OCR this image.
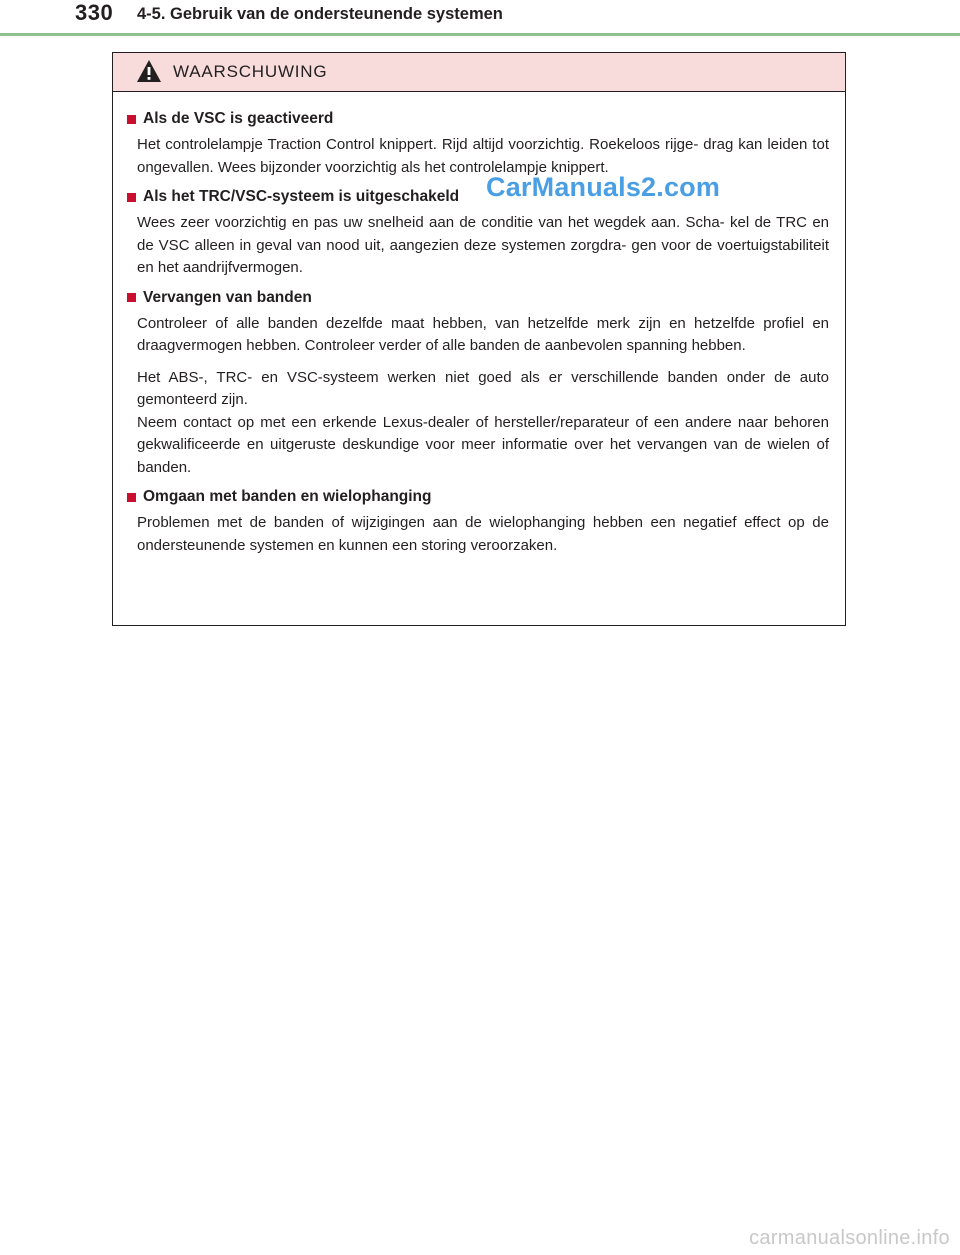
330 4-5. Gebruik van de ondersteunende systemen
WAARSCHUWING
Als de VSC is geactiveerd

Het controlelampje Traction Control knippert. Rijd altijd voorzichtig. Roekeloos rijge- drag kan leiden tot ongevallen. Wees bijzonder voorzichtig als het controlelampje knippert.

Als het TRC/VSC-systeem is uitgeschakeld

Wees zeer voorzichtig en pas uw snelheid aan de conditie van het wegdek aan. Scha- kel de TRC en de VSC alleen in geval van nood uit, aangezien deze systemen zorgdra- gen voor de voertuigstabiliteit en het aandrijfvermogen.

Vervangen van banden

Controleer of alle banden dezelfde maat hebben, van hetzelfde merk zijn en hetzelfde profiel en draagvermogen hebben. Controleer verder of alle banden de aanbevolen spanning hebben.

Het ABS-, TRC- en VSC-systeem werken niet goed als er verschillende banden onder de auto gemonteerd zijn.

Neem contact op met een erkende Lexus-dealer of hersteller/reparateur of een andere naar behoren gekwalificeerde en uitgeruste deskundige voor meer informatie over het vervangen van de wielen of banden.

Omgaan met banden en wielophanging

Problemen met de banden of wijzigingen aan de wielophanging hebben een negatief effect op de ondersteunende systemen en kunnen een storing veroorzaken.

CarManuals2.com
carmanualsonline.info
